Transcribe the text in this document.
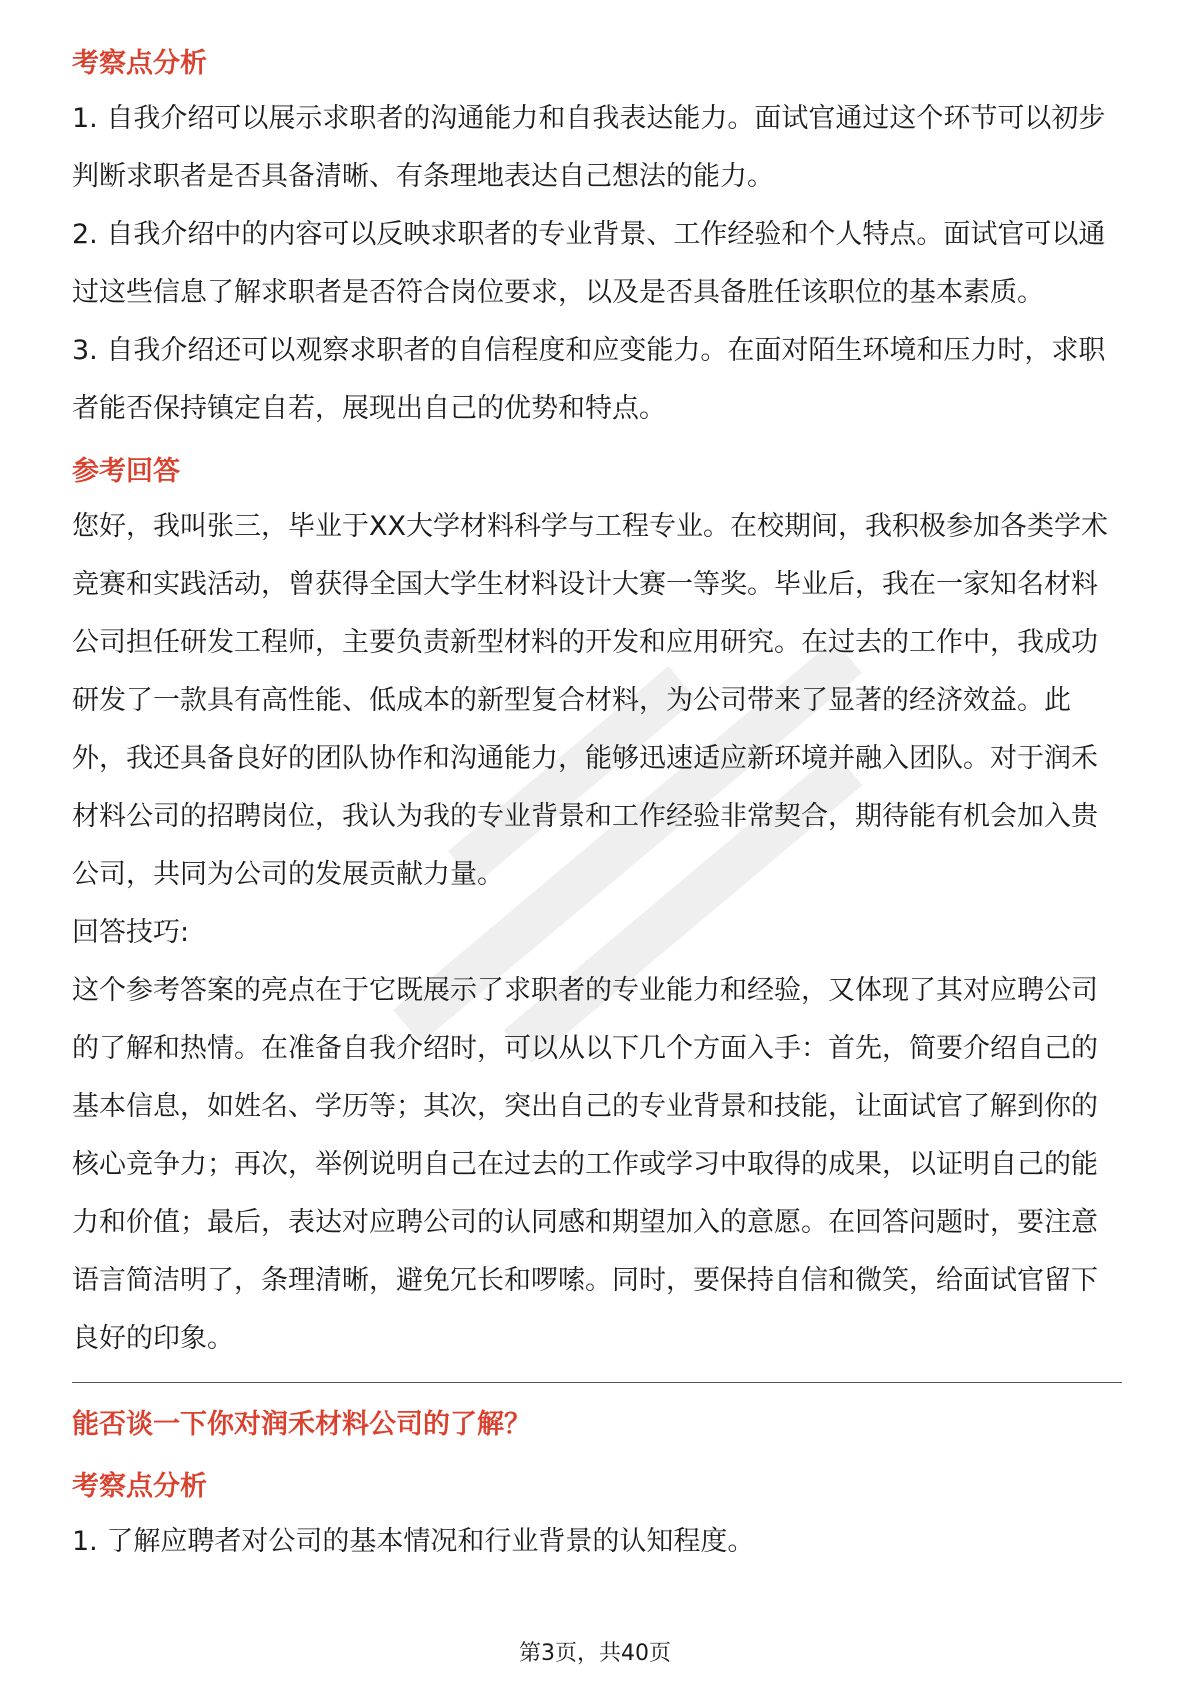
考察点分析

1. 自我介绍可以展示求职者的沟通能力和自我表达能力。面试官通过这个环节可以初步判断求职者是否具备清晰、有条理地表达自己想法的能力。

2. 自我介绍中的内容可以反映求职者的专业背景、工作经验和个人特点。面试官可以通过这些信息了解求职者是否符合岗位要求，以及是否具备胜任该职位的基本素质。

3. 自我介绍还可以观察求职者的自信程度和应变能力。在面对陌生环境和压力时，求职者能否保持镇定自若，展现出自己的优势和特点。

参考回答

您好，我叫张三，毕业于XX大学材料科学与工程专业。在校期间，我积极参加各类学术竞赛和实践活动，曾获得全国大学生材料设计大赛一等奖。毕业后，我在一家知名材料公司担任研发工程师，主要负责新型材料的开发和应用研究。在过去的工作中，我成功研发了一款具有高性能、低成本的新型复合材料，为公司带来了显著的经济效益。此外，我还具备良好的团队协作和沟通能力，能够迅速适应新环境并融入团队。对于润禾材料公司的招聘岗位，我认为我的专业背景和工作经验非常契合，期待能有机会加入贵公司，共同为公司的发展贡献力量。

回答技巧:

这个参考答案的亮点在于它既展示了求职者的专业能力和经验，又体现了其对应聘公司的了解和热情。在准备自我介绍时，可以从以下几个方面入手：首先，简要介绍自己的基本信息，如姓名、学历等；其次，突出自己的专业背景和技能，让面试官了解到你的核心竞争力；再次，举例说明自己在过去的工作或学习中取得的成果，以证明自己的能力和价值；最后，表达对应聘公司的认同感和期望加入的意愿。在回答问题时，要注意语言简洁明了，条理清晰，避免冗长和啰嗦。同时，要保持自信和微笑，给面试官留下良好的印象。

能否谈一下你对润禾材料公司的了解？
考察点分析

1. 了解应聘者对公司的基本情况和行业背景的认知程度。

第3页，共40页
